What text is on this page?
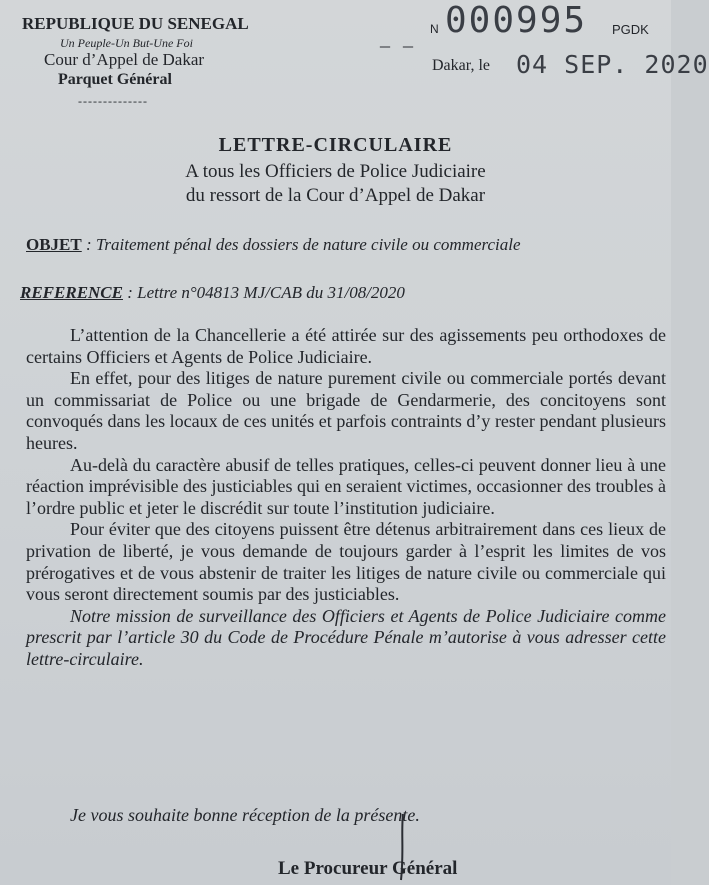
REPUBLIQUE DU SENEGAL
Un Peuple-Un But-Une Foi
Cour d’Appel de Dakar
Parquet Général
--------------
_ _ N 000995 PGDK
Dakar, le 04 SEP. 2020
LETTRE-CIRCULAIRE
A tous les Officiers de Police Judiciaire
du ressort de la Cour d’Appel de Dakar
OBJET : Traitement pénal des dossiers de nature civile ou commerciale
REFERENCE : Lettre n°04813 MJ/CAB du 31/08/2020

L’attention de la Chancellerie a été attirée sur des agissements peu orthodoxes de certains Officiers et Agents de Police Judiciaire.

En effet, pour des litiges de nature purement civile ou commerciale portés devant un commissariat de Police ou une brigade de Gendarmerie, des concitoyens sont convoqués dans les locaux de ces unités et parfois contraints d’y rester pendant plusieurs heures.

Au-delà du caractère abusif de telles pratiques, celles-ci peuvent donner lieu à une réaction imprévisible des justiciables qui en seraient victimes, occasionner des troubles à l’ordre public et jeter le discrédit sur toute l’institution judiciaire.

Pour éviter que des citoyens puissent être détenus arbitrairement dans ces lieux de privation de liberté, je vous demande de toujours garder à l’esprit les limites de vos prérogatives et de vous abstenir de traiter les litiges de nature civile ou commerciale qui vous seront directement soumis par des justiciables.

Notre mission de surveillance des Officiers et Agents de Police Judiciaire comme prescrit par l’article 30 du Code de Procédure Pénale m’autorise à vous adresser cette lettre-circulaire.

Je vous souhaite bonne réception de la présente.
Le Procureur Général
